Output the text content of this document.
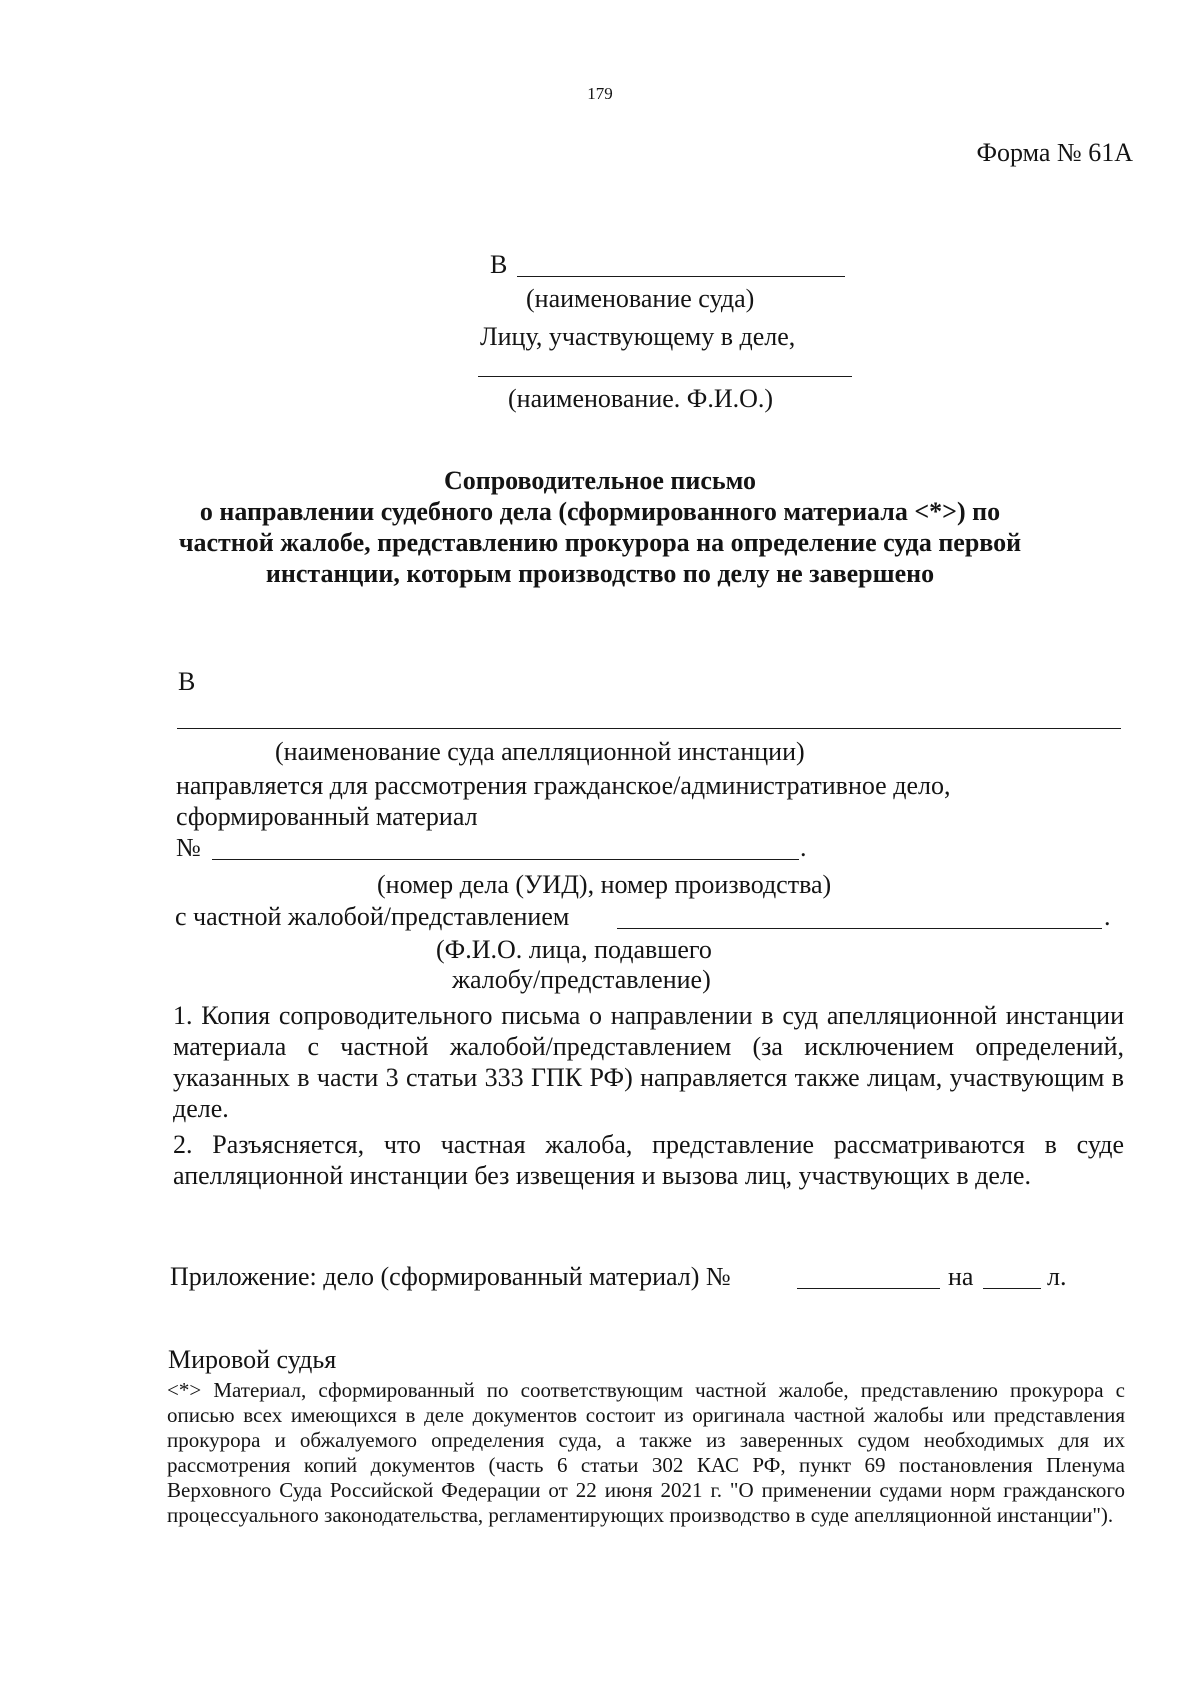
179
Форма № 61А
В
(наименование суда)
Лицу, участвующему в деле,
(наименование. Ф.И.О.)
Сопроводительное письмо
о направлении судебного дела (сформированного материала <*>) по
частной жалобе, представлению прокурора на определение суда первой
инстанции, которым производство по делу не завершено
В
(наименование суда апелляционной инстанции)
направляется для рассмотрения гражданское/административное дело,
сформированный материал
№	.
(номер дела (УИД), номер производства)
с частной жалобой/представлением	.
(Ф.И.О. лица, подавшего
жалобу/представление)
1. Копия сопроводительного письма о направлении в суд апелляционной инстанции материала с частной жалобой/представлением (за исключением определений, указанных в части 3 статьи 333 ГПК РФ) направляется также лицам, участвующим в деле.
2. Разъясняется, что частная жалоба, представление рассматриваются в суде апелляционной инстанции без извещения и вызова лиц, участвующих в деле.
Приложение: дело (сформированный материал) №	на	л.
Мировой судья
<*> Материал, сформированный по соответствующим частной жалобе, представлению прокурора с описью всех имеющихся в деле документов состоит из оригинала частной жалобы или представления прокурора и обжалуемого определения суда, а также из заверенных судом необходимых для их рассмотрения копий документов (часть 6 статьи 302 КАС РФ, пункт 69 постановления Пленума Верховного Суда Российской Федерации от 22 июня 2021 г. "О применении судами норм гражданского процессуального законодательства, регламентирующих производство в суде апелляционной инстанции").
